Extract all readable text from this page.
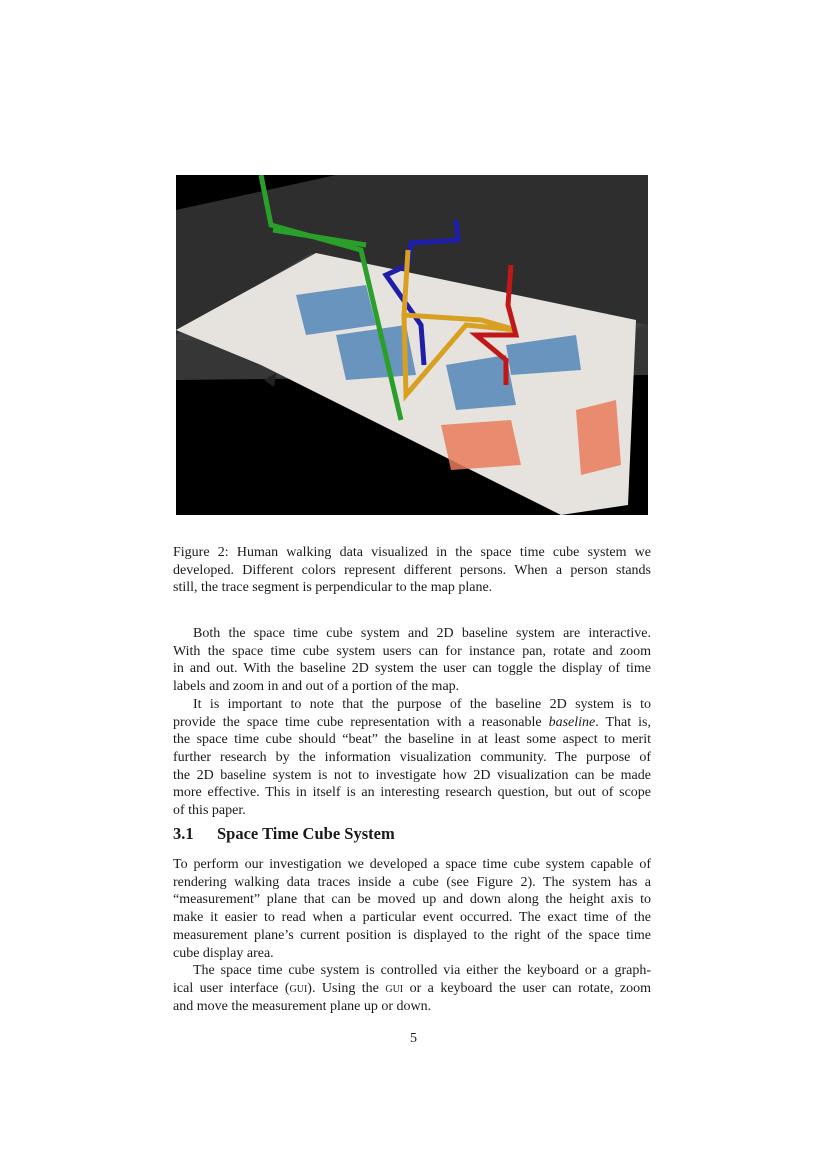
Figure 2: Human walking data visualized in the space time cube system we
developed. Different colors represent different persons. When a person stands
still, the trace segment is perpendicular to the map plane.
Both the space time cube system and 2D baseline system are interactive.
With the space time cube system users can for instance pan, rotate and zoom
in and out. With the baseline 2D system the user can toggle the display of time
labels and zoom in and out of a portion of the map.
It is important to note that the purpose of the baseline 2D system is to
provide the space time cube representation with a reasonable baseline. That is,
the space time cube should “beat” the baseline in at least some aspect to merit
further research by the information visualization community. The purpose of
the 2D baseline system is not to investigate how 2D visualization can be made
more effective. This in itself is an interesting research question, but out of scope
of this paper.
3.1 Space Time Cube System
To perform our investigation we developed a space time cube system capable of
rendering walking data traces inside a cube (see Figure 2). The system has a
“measurement” plane that can be moved up and down along the height axis to
make it easier to read when a particular event occurred. The exact time of the
measurement plane’s current position is displayed to the right of the space time
cube display area.
The space time cube system is controlled via either the keyboard or a graph-
ical user interface (gui). Using the gui or a keyboard the user can rotate, zoom
and move the measurement plane up or down.
5
